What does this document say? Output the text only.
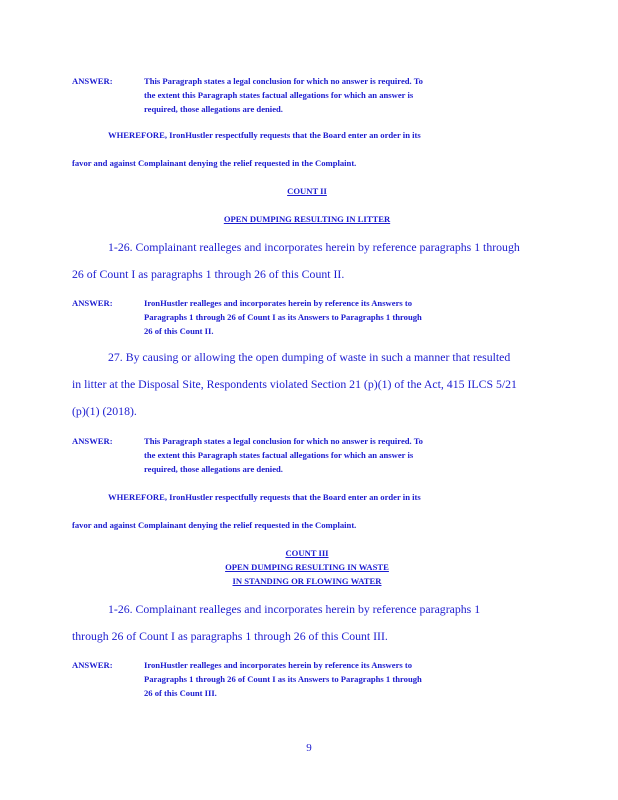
ANSWER:	This Paragraph states a legal conclusion for which no answer is required. To
the extent this Paragraph states factual allegations for which an answer is
required, those allegations are denied.
WHEREFORE, IronHustler respectfully requests that the Board enter an order in its
favor and against Complainant denying the relief requested in the Complaint.
COUNT II
OPEN DUMPING RESULTING IN LITTER
1-26. Complainant realleges and incorporates herein by reference paragraphs 1 through
26 of Count I as paragraphs 1 through 26 of this Count II.
ANSWER:	IronHustler realleges and incorporates herein by reference its Answers to
Paragraphs 1 through 26 of Count I as its Answers to Paragraphs 1 through
26 of this Count II.
27. By causing or allowing the open dumping of waste in such a manner that resulted
in litter at the Disposal Site, Respondents violated Section 21 (p)(1) of the Act, 415 ILCS 5/21
(p)(1) (2018).
ANSWER:	This Paragraph states a legal conclusion for which no answer is required. To
the extent this Paragraph states factual allegations for which an answer is
required, those allegations are denied.
WHEREFORE, IronHustler respectfully requests that the Board enter an order in its
favor and against Complainant denying the relief requested in the Complaint.
COUNT III
OPEN DUMPING RESULTING IN WASTE
IN STANDING OR FLOWING WATER
1-26. Complainant realleges and incorporates herein by reference paragraphs 1
through 26 of Count I as paragraphs 1 through 26 of this Count III.
ANSWER:	IronHustler realleges and incorporates herein by reference its Answers to
Paragraphs 1 through 26 of Count I as its Answers to Paragraphs 1 through
26 of this Count III.
9
